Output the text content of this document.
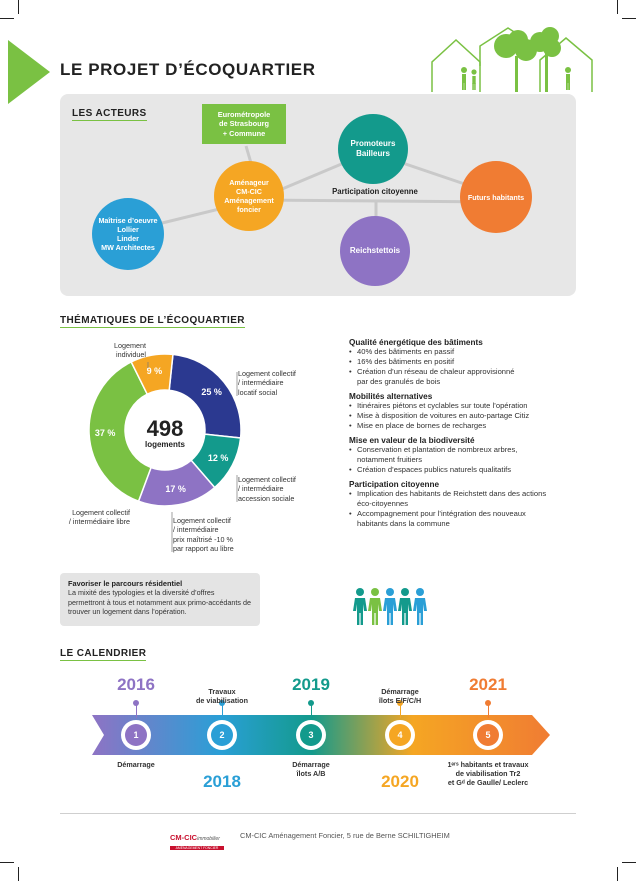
LE PROJET D’ÉCOQUARTIER
LES ACTEURS	Eurométropole
de Strasbourg
+ Commune
Aménageur
CM-CIC
Aménagement
foncier
Promoteurs
Bailleurs
Maîtrise d’oeuvre
Lollier
Linder
MW Architectes	Reichstettois
Futurs habitants
Participation citoyenne
THÉMATIQUES DE L’ÉCOQUARTIER
25 %
12 %
17 %
37 %
9 %
498
logements
Logement
individuel
Logement collectif
/ intermédiaire
locatif social
Logement collectif
/ intermédiaire
accession sociale
Logement collectif
/ intermédiaire
prix maîtrisé -10 %
par rapport au libre
Logement collectif
/ intermédiaire libre
Qualité énergétique des bâtiments
• 40% des bâtiments en passif
• 16% des bâtiments en positif
• Création d’un réseau de chaleur approvisionné
par des granulés de bois
Mobilités alternatives
• Itinéraires piétons et cyclables sur toute l’opération
• Mise à disposition de voitures en auto-partage Citiz
• Mise en place de bornes de recharges
Mise en valeur de la biodiversité
• Conservation et plantation de nombreux arbres,
notamment fruitiers
• Création d’espaces publics naturels qualitatifs
Participation citoyenne
• Implication des habitants de Reichstett dans des actions
éco-citoyennes
• Accompagnement pour l’intégration des nouveaux
habitants dans la commune
Favoriser le parcours résidentiel
La mixité des typologies et la diversité d’offres permettront à tous et notamment aux primo-accédants de trouver un logement dans l’opération.
LE CALENDRIER
2016
1
Démarrage
2018
2
Travaux
de viabilisation
2019
3
Démarrage
îlots A/B	2020
4
Démarrage
îlots E/F/C/H
2021
5
1ᵉʳˢ habitants et travaux
de viabilisation Tr2
et Gᵈ de Gaulle/ Leclerc
CM-CICimmobilier
AMÉNAGEMENT FONCIER
CM-CIC Aménagement Foncier, 5 rue de Berne SCHILTIGHEIM
